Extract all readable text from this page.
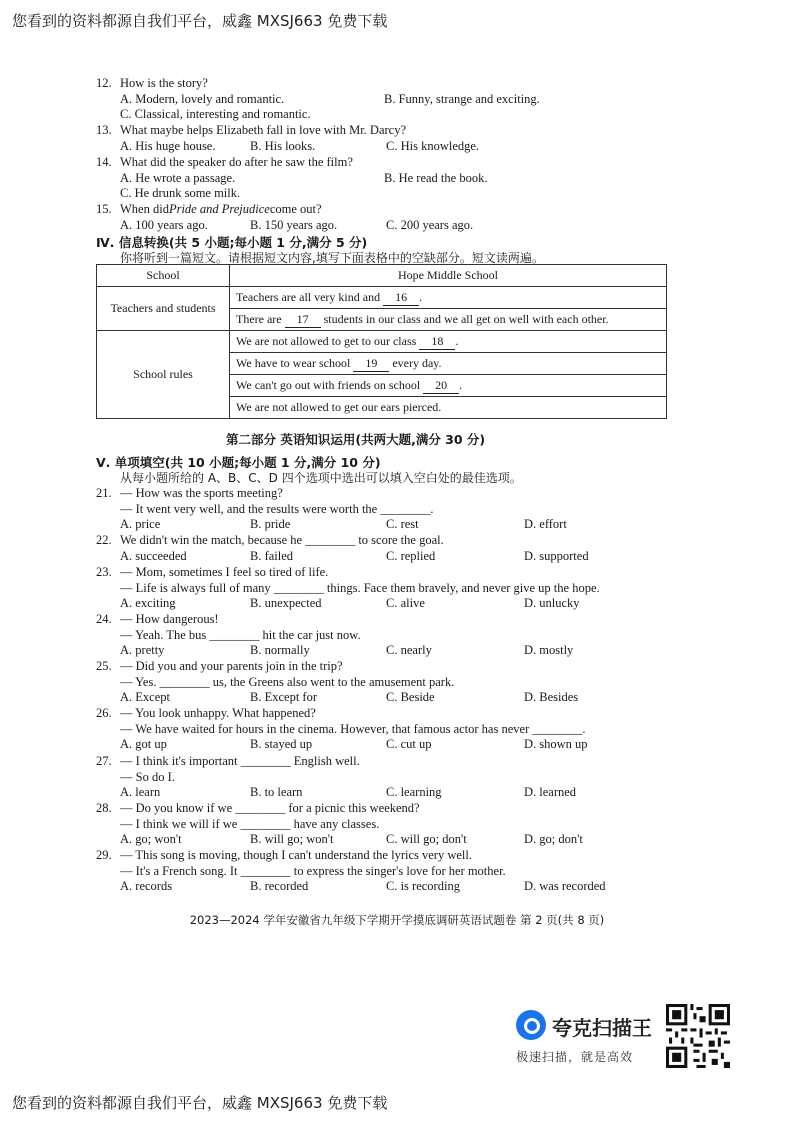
您看到的资料都源自我们平台，威鑫 MXSJ663 免费下载
12. How is the story?
A. Modern, lovely and romantic.	B. Funny, strange and exciting.
C. Classical, interesting and romantic.
13. What maybe helps Elizabeth fall in love with Mr. Darcy?
A. His huge house.	B. His looks.	C. His knowledge.
14. What did the speaker do after he saw the film?
A. He wrote a passage.	B. He read the book.
C. He drunk some milk.
15. When did Pride and Prejudice come out?
A. 100 years ago.	B. 150 years ago.	C. 200 years ago.
Ⅳ. 信息转换(共 5 小题;每小题 1 分,满分 5 分)
你将听到一篇短文。请根据短文内容,填写下面表格中的空缺部分。短文读两遍。
School	Hope Middle School
Teachers and students	Teachers are all very kind and 16 .
	There are 17 students in our class and we all get on well with each other.
School rules	We are not allowed to get to our class 18 .
	We have to wear school 19 every day.
	We can't go out with friends on school 20 .
	We are not allowed to get our ears pierced.
第二部分 英语知识运用(共两大题,满分 30 分)
Ⅴ. 单项填空(共 10 小题;每小题 1 分,满分 10 分)
从每小题所给的 A、B、C、D 四个选项中选出可以填入空白处的最佳选项。
21. — How was the sports meeting?
— It went very well, and the results were worth the ________.
A. price	B. pride	C. rest	D. effort
22. We didn't win the match, because he ________ to score the goal.
A. succeeded	B. failed	C. replied	D. supported
23. — Mom, sometimes I feel so tired of life.
— Life is always full of many ________ things. Face them bravely, and never give up the hope.
A. exciting	B. unexpected	C. alive	D. unlucky
24. — How dangerous!
— Yeah. The bus ________ hit the car just now.
A. pretty	B. normally	C. nearly	D. mostly
25. — Did you and your parents join in the trip?
— Yes. ________ us, the Greens also went to the amusement park.
A. Except	B. Except for	C. Beside	D. Besides
26. — You look unhappy. What happened?
— We have waited for hours in the cinema. However, that famous actor has never ________.
A. got up	B. stayed up	C. cut up	D. shown up
27. — I think it's important ________ English well.
— So do I.
A. learn	B. to learn	C. learning	D. learned
28. — Do you know if we ________ for a picnic this weekend?
— I think we will if we ________ have any classes.
A. go; won't	B. will go; won't	C. will go; don't	D. go; don't
29. — This song is moving, though I can't understand the lyrics very well.
— It's a French song. It ________ to express the singer's love for her mother.
A. records	B. recorded	C. is recording	D. was recorded
2023—2024 学年安徽省九年级下学期开学摸底调研英语试题卷 第 2 页(共 8 页)
夸克扫描王
极速扫描，就是高效
您看到的资料都源自我们平台，威鑫 MXSJ663 免费下载
